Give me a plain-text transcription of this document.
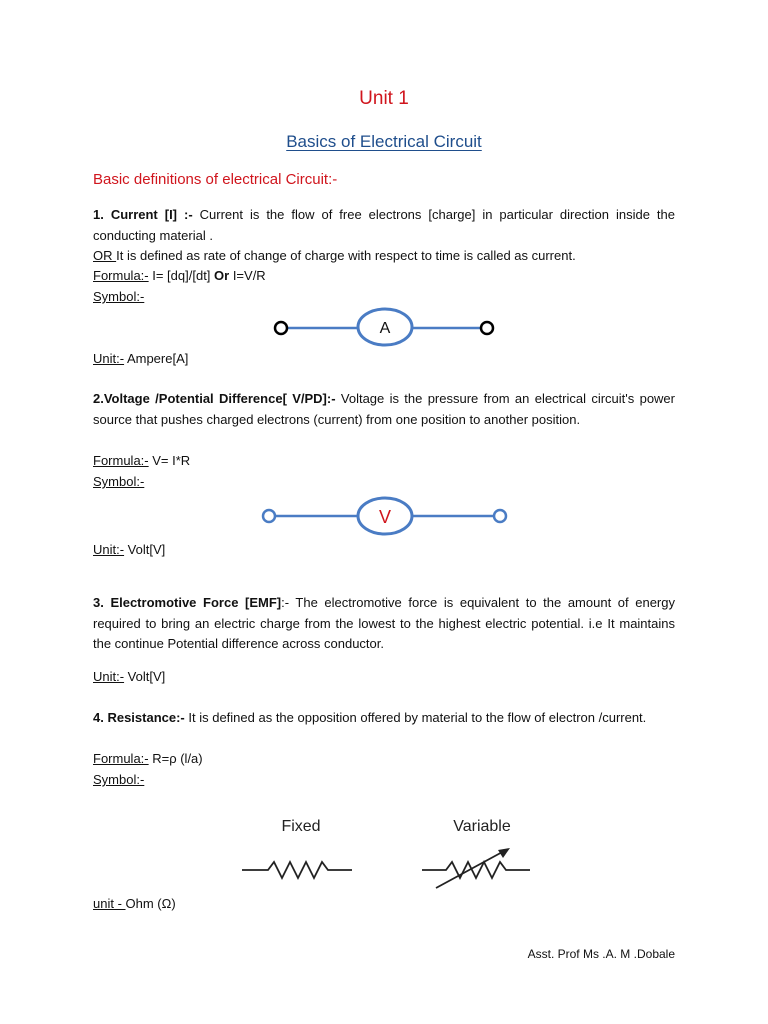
Unit 1
Basics of Electrical Circuit
Basic definitions of electrical Circuit:-
1. Current [I] :- Current is the flow of free electrons [charge] in particular direction inside the conducting material .
OR It is defined as rate of change of charge with respect to time is called as current.
Formula:- I= [dq]/[dt] Or I=V/R
Symbol:-
A
Unit:- Ampere[A]
2.Voltage /Potential Difference[ V/PD]:- Voltage is the pressure from an electrical circuit's power source that pushes charged electrons (current) from one position to another position.
Formula:- V= I*R
Symbol:-
V
Unit:- Volt[V]
3. Electromotive Force [EMF]:- The electromotive force is equivalent to the amount of energy required to bring an electric charge from the lowest to the highest electric potential. i.e It maintains the continue Potential difference across conductor.
Unit:- Volt[V]
4. Resistance:- It is defined as the opposition offered by material to the flow of electron /current.
Formula:- R=ρ (l/a)
Symbol:-
Fixed	Variable
unit - Ohm (Ω)
Asst. Prof Ms .A. M .Dobale
